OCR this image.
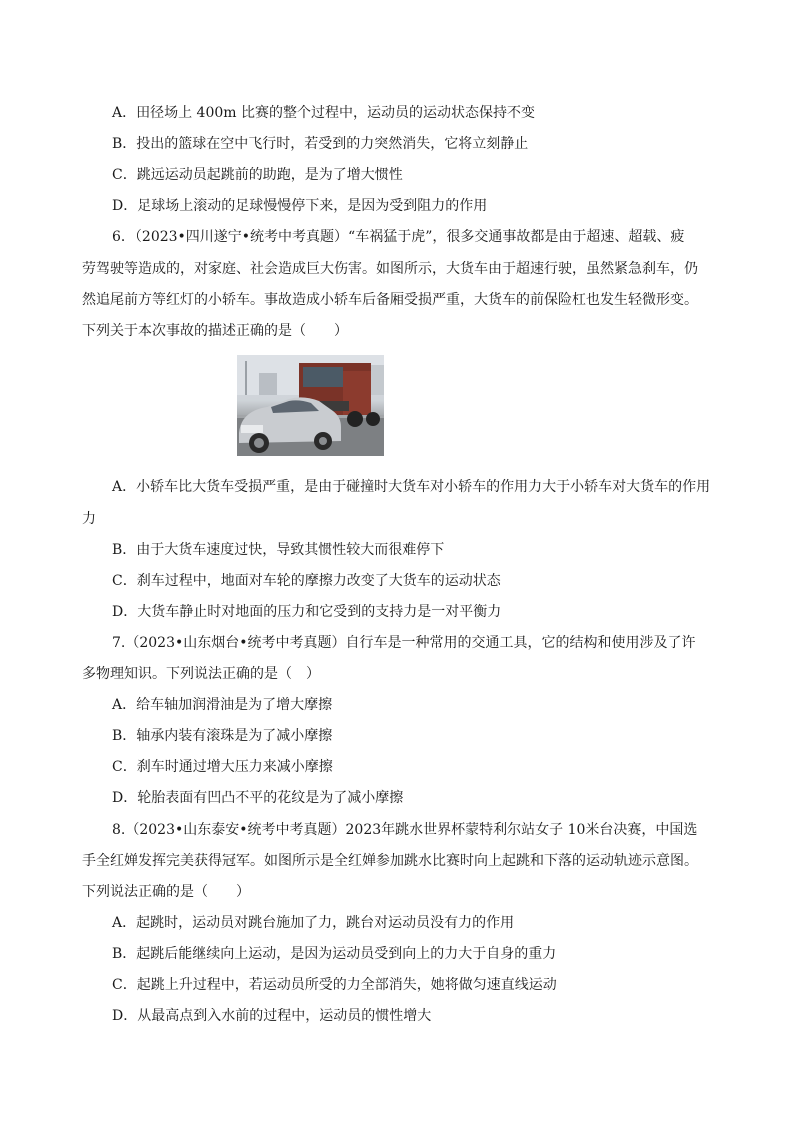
A．田径场上 400m 比赛的整个过程中，运动员的运动状态保持不变
B．投出的篮球在空中飞行时，若受到的力突然消失，它将立刻静止
C．跳远运动员起跳前的助跑，是为了增大惯性
D．足球场上滚动的足球慢慢停下来，是因为受到阻力的作用
6．（2023•四川遂宁•统考中考真题）“车祸猛于虎”，很多交通事故都是由于超速、超载、疲
劳驾驶等造成的，对家庭、社会造成巨大伤害。如图所示，大货车由于超速行驶，虽然紧急刹车，仍
然追尾前方等红灯的小轿车。事故造成小轿车后备厢受损严重，大货车的前保险杠也发生轻微形变。
下列关于本次事故的描述正确的是（　　）
A．小轿车比大货车受损严重，是由于碰撞时大货车对小轿车的作用力大于小轿车对大货车的作用
力
B．由于大货车速度过快，导致其惯性较大而很难停下
C．刹车过程中，地面对车轮的摩擦力改变了大货车的运动状态
D．大货车静止时对地面的压力和它受到的支持力是一对平衡力
7.（2023•山东烟台•统考中考真题）自行车是一种常用的交通工具，它的结构和使用涉及了许
多物理知识。下列说法正确的是（　）
A．给车轴加润滑油是为了增大摩擦
B．轴承内装有滚珠是为了减小摩擦
C．刹车时通过增大压力来减小摩擦
D．轮胎表面有凹凸不平的花纹是为了减小摩擦
8.（2023•山东泰安•统考中考真题）2023年跳水世界杯蒙特利尔站女子 10米台决赛，中国选
手全红婵发挥完美获得冠军。如图所示是全红婵参加跳水比赛时向上起跳和下落的运动轨迹示意图。
下列说法正确的是（　　）
A．起跳时，运动员对跳台施加了力，跳台对运动员没有力的作用
B．起跳后能继续向上运动，是因为运动员受到向上的力大于自身的重力
C．起跳上升过程中，若运动员所受的力全部消失，她将做匀速直线运动
D．从最高点到入水前的过程中，运动员的惯性增大
